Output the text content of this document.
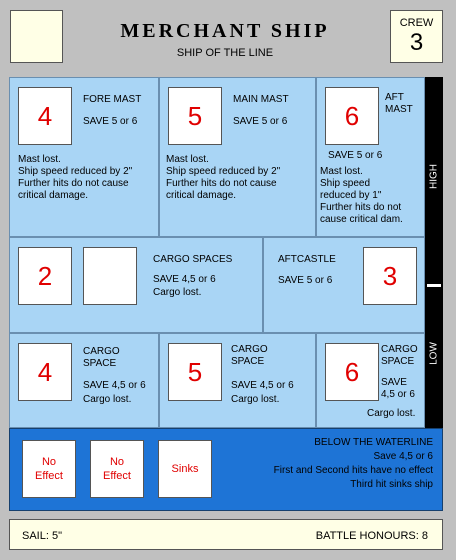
MERCHANT SHIP
SHIP OF THE LINE
CREW
3
4
FORE MAST
SAVE 5 or 6
Mast lost.
Ship speed reduced by 2"
Further hits do not cause
critical damage.
5
MAIN MAST
SAVE 5 or 6
Mast lost.
Ship speed reduced by 2"
Further hits do not cause
critical damage.
6
AFT
MAST
SAVE 5 or 6
Mast lost.
Ship speed
reduced by 1"
Further hits do not
cause critical dam.
2
CARGO SPACES
SAVE 4,5 or 6
Cargo lost.
AFTCASTLE
SAVE 5 or 6	3
4
CARGO
SPACE
SAVE 4,5 or 6
Cargo lost.
5
CARGO
SPACE
SAVE 4,5 or 6
Cargo lost.
6
CARGO
SPACE
SAVE
4,5 or 6
Cargo lost.
HIGH
LOW
No Effect
No Effect
Sinks
BELOW THE WATERLINE
Save 4,5 or 6
First and Second hits have no effect
Third hit sinks ship
SAIL: 5"	BATTLE HONOURS: 8
